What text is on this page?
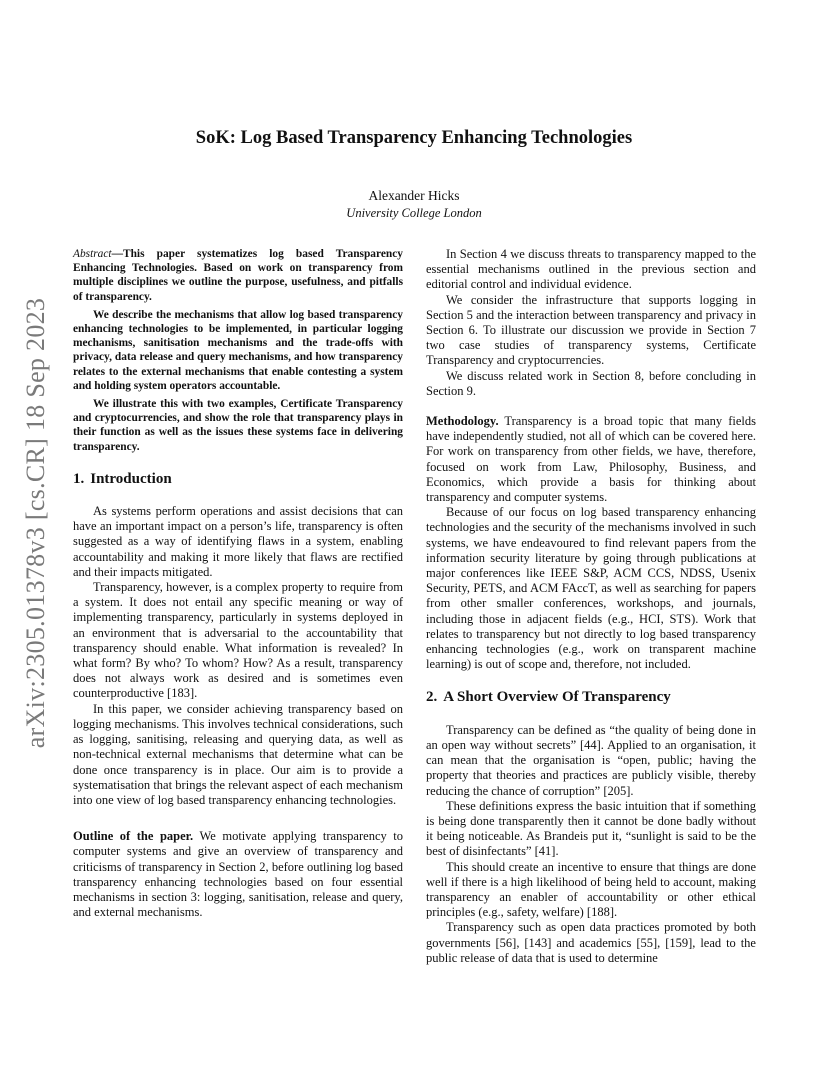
arXiv:2305.01378v3 [cs.CR] 18 Sep 2023
SoK: Log Based Transparency Enhancing Technologies
Alexander Hicks
University College London

Abstract—This paper systematizes log based Transparency Enhancing Technologies. Based on work on transparency from multiple disciplines we outline the purpose, usefulness, and pitfalls of transparency.

We describe the mechanisms that allow log based transparency enhancing technologies to be implemented, in particular logging mechanisms, sanitisation mechanisms and the trade-offs with privacy, data release and query mechanisms, and how transparency relates to the external mechanisms that enable contesting a system and holding system operators accountable.

We illustrate this with two examples, Certificate Transparency and cryptocurrencies, and show the role that transparency plays in their function as well as the issues these systems face in delivering transparency.

1. Introduction

As systems perform operations and assist decisions that can have an important impact on a person’s life, transparency is often suggested as a way of identifying flaws in a system, enabling accountability and making it more likely that flaws are rectified and their impacts mitigated.

Transparency, however, is a complex property to require from a system. It does not entail any specific meaning or way of implementing transparency, particularly in systems deployed in an environment that is adversarial to the accountability that transparency should enable. What information is revealed? In what form? By who? To whom? How? As a result, transparency does not always work as desired and is sometimes even counterproductive [183].

In this paper, we consider achieving transparency based on logging mechanisms. This involves technical considerations, such as logging, sanitising, releasing and querying data, as well as non-technical external mechanisms that determine what can be done once transparency is in place. Our aim is to provide a systematisation that brings the relevant aspect of each mechanism into one view of log based transparency enhancing technologies.

Outline of the paper. We motivate applying transparency to computer systems and give an overview of transparency and criticisms of transparency in Section 2, before outlining log based transparency enhancing technologies based on four essential mechanisms in section 3: logging, sanitisation, release and query, and external mechanisms.

In Section 4 we discuss threats to transparency mapped to the essential mechanisms outlined in the previous section and editorial control and individual evidence.

We consider the infrastructure that supports logging in Section 5 and the interaction between transparency and privacy in Section 6. To illustrate our discussion we provide in Section 7 two case studies of transparency systems, Certificate Transparency and cryptocurrencies.

We discuss related work in Section 8, before concluding in Section 9.

Methodology. Transparency is a broad topic that many fields have independently studied, not all of which can be covered here. For work on transparency from other fields, we have, therefore, focused on work from Law, Philosophy, Business, and Economics, which provide a basis for thinking about transparency and computer systems.

Because of our focus on log based transparency enhancing technologies and the security of the mechanisms involved in such systems, we have endeavoured to find relevant papers from the information security literature by going through publications at major conferences like IEEE S&P, ACM CCS, NDSS, Usenix Security, PETS, and ACM FAccT, as well as searching for papers from other smaller conferences, workshops, and journals, including those in adjacent fields (e.g., HCI, STS). Work that relates to transparency but not directly to log based transparency enhancing technologies (e.g., work on transparent machine learning) is out of scope and, therefore, not included.

2. A Short Overview Of Transparency

Transparency can be defined as “the quality of being done in an open way without secrets” [44]. Applied to an organisation, it can mean that the organisation is “open, public; having the property that theories and practices are publicly visible, thereby reducing the chance of corruption” [205].

These definitions express the basic intuition that if something is being done transparently then it cannot be done badly without it being noticeable. As Brandeis put it, “sunlight is said to be the best of disinfectants” [41].

This should create an incentive to ensure that things are done well if there is a high likelihood of being held to account, making transparency an enabler of accountability or other ethical principles (e.g., safety, welfare) [188].

Transparency such as open data practices promoted by both governments [56], [143] and academics [55], [159], lead to the public release of data that is used to determine
